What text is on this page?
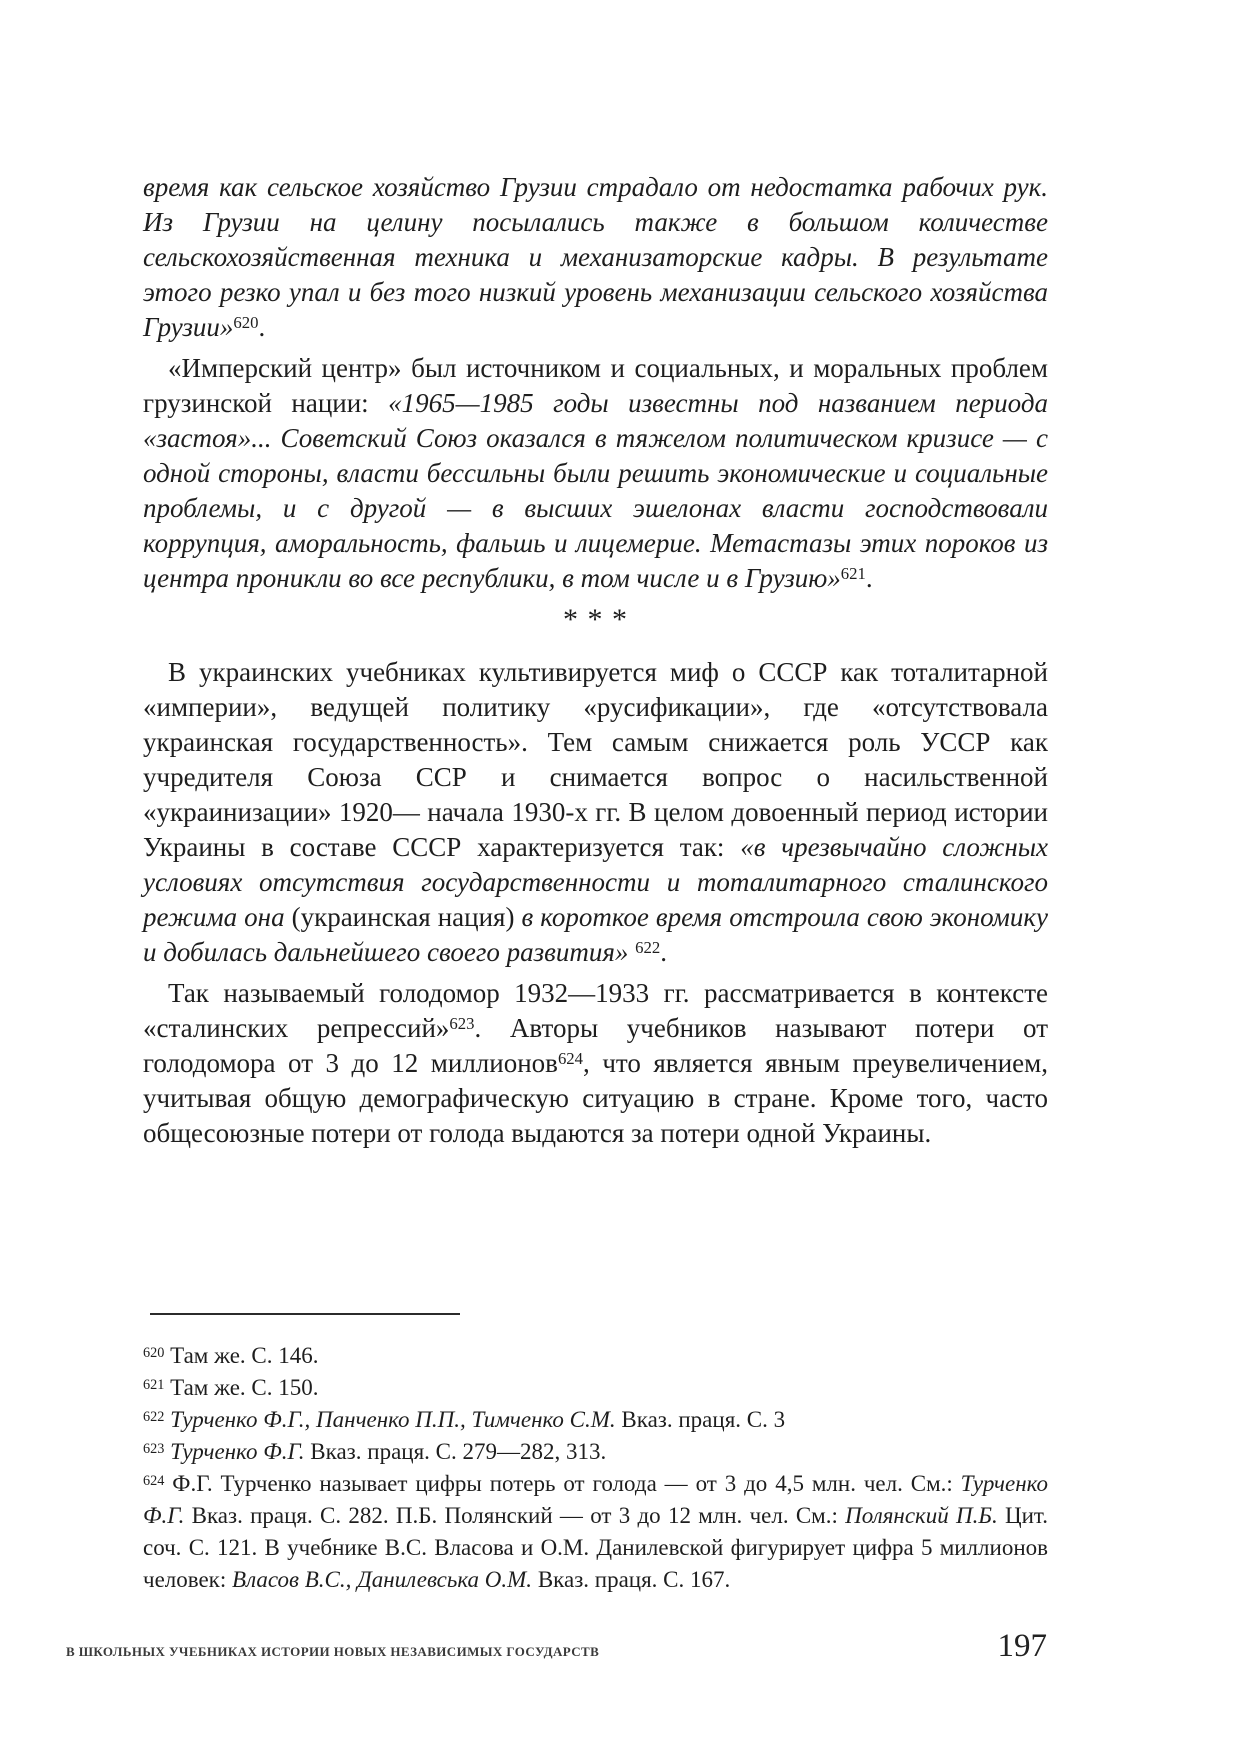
время как сельское хозяйство Грузии страдало от недостатка рабочих рук. Из Грузии на целину посылались также в большом количестве сельскохозяйственная техника и механизаторские кадры. В результате этого резко упал и без того низкий уровень механизации сельского хозяйства Грузии»$^{620}$.

«Имперский центр» был источником и социальных, и моральных проблем грузинской нации: «1965—1985 годы известны под названием периода «застоя»... Советский Союз оказался в тяжелом политическом кризисе — с одной стороны, власти бессильны были решить экономические и социальные проблемы, и с другой — в высших эшелонах власти господствовали коррупция, аморальность, фальшь и лицемерие. Метастазы этих пороков из центра проникли во все республики, в том числе и в Грузию»$^{621}$.

* * *

В украинских учебниках культивируется миф о СССР как тоталитарной «империи», ведущей политику «русификации», где «отсутствовала украинская государственность». Тем самым снижается роль УССР как учредителя Союза ССР и снимается вопрос о насильственной «украинизации» 1920— начала 1930-х гг. В целом довоенный период истории Украины в составе СССР характеризуется так: «в чрезвычайно сложных условиях отсутствия государственности и тоталитарного сталинского режима она (украинская нация) в короткое время отстроила свою экономику и добилась дальнейшего своего развития» $^{622}$.

Так называемый голодомор 1932—1933 гг. рассматривается в контексте «сталинских репрессий»$^{623}$. Авторы учебников называют потери от голодомора от 3 до 12 миллионов$^{624}$, что является явным преувеличением, учитывая общую демографическую ситуацию в стране. Кроме того, часто общесоюзные потери от голода выдаются за потери одной Украины.

$^{620}$ Там же. С. 146.

$^{621}$ Там же. С. 150.

$^{622}$ Турченко Ф.Г., Панченко П.П., Тимченко С.М. Вказ. праця. С. 3

$^{623}$ Турченко Ф.Г. Вказ. праця. С. 279—282, 313.

$^{624}$ Ф.Г. Турченко называет цифры потерь от голода — от 3 до 4,5 млн. чел. См.: Турченко Ф.Г. Вказ. праця. С. 282. П.Б. Полянский — от 3 до 12 млн. чел. См.: Полянский П.Б. Цит. соч. С. 121. В учебнике В.С. Власова и О.М. Данилевской фигурирует цифра 5 миллионов человек: Власов В.С., Данилевська О.М. Вказ. праця. С. 167.

В ШКОЛЬНЫХ УЧЕБНИКАХ ИСТОРИИ НОВЫХ НЕЗАВИСИМЫХ ГОСУДАРСТВ	197
